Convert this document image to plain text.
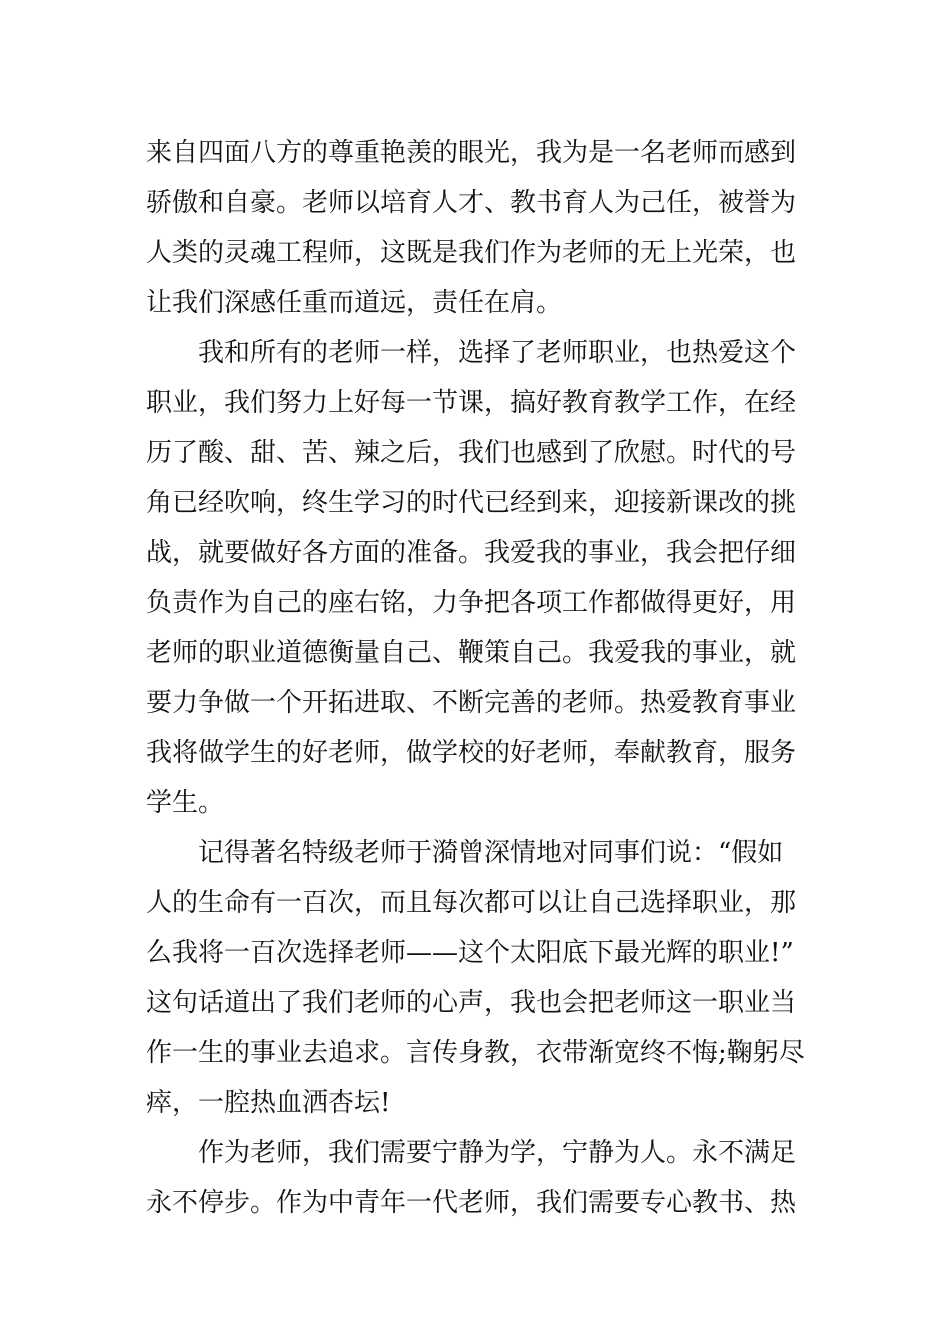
来自四面八方的尊重艳羡的眼光，我为是一名老师而感到
骄傲和自豪。老师以培育人才、教书育人为己任，被誉为
人类的灵魂工程师，这既是我们作为老师的无上光荣，也
让我们深感任重而道远，责任在肩。
我和所有的老师一样，选择了老师职业，也热爱这个
职业，我们努力上好每一节课，搞好教育教学工作，在经
历了酸、甜、苦、辣之后，我们也感到了欣慰。时代的号
角已经吹响，终生学习的时代已经到来，迎接新课改的挑
战，就要做好各方面的准备。我爱我的事业，我会把仔细
负责作为自己的座右铭，力争把各项工作都做得更好，用
老师的职业道德衡量自己、鞭策自己。我爱我的事业，就
要力争做一个开拓进取、不断完善的老师。热爱教育事业
我将做学生的好老师，做学校的好老师，奉献教育，服务
学生。
记得著名特级老师于漪曾深情地对同事们说：“假如
人的生命有一百次，而且每次都可以让自己选择职业，那
么我将一百次选择老师——这个太阳底下最光辉的职业!”
这句话道出了我们老师的心声，我也会把老师这一职业当
作一生的事业去追求。言传身教，衣带渐宽终不悔;鞠躬尽
瘁，一腔热血洒杏坛!
作为老师，我们需要宁静为学，宁静为人。永不满足
永不停步。作为中青年一代老师，我们需要专心教书、热
